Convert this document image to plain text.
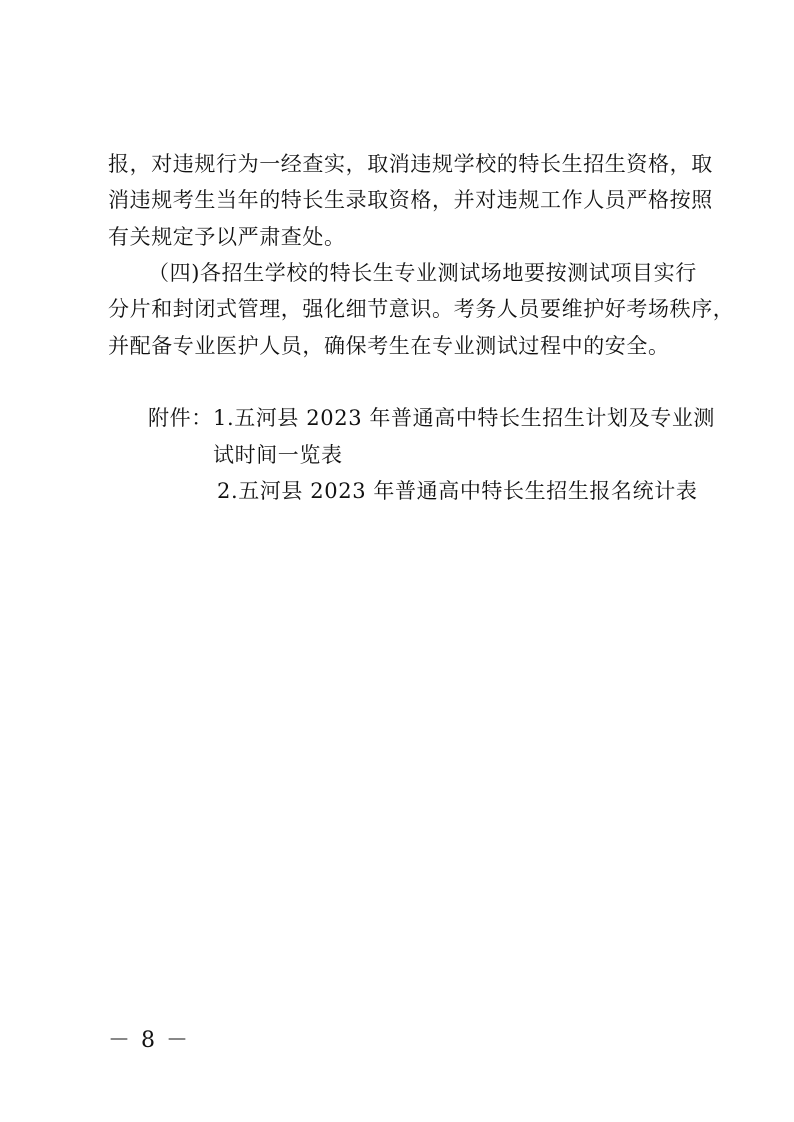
报，对违规行为一经查实，取消违规学校的特长生招生资格，取
消违规考生当年的特长生录取资格，并对违规工作人员严格按照
有关规定予以严肃查处。
（四)各招生学校的特长生专业测试场地要按测试项目实行
分片和封闭式管理，强化细节意识。考务人员要维护好考场秩序，
并配备专业医护人员，确保考生在专业测试过程中的安全。
附件： 1.五河县 2023 年普通高中特长生招生计划及专业测
试时间一览表
2.五河县 2023 年普通高中特长生招生报名统计表
－ 8 －
